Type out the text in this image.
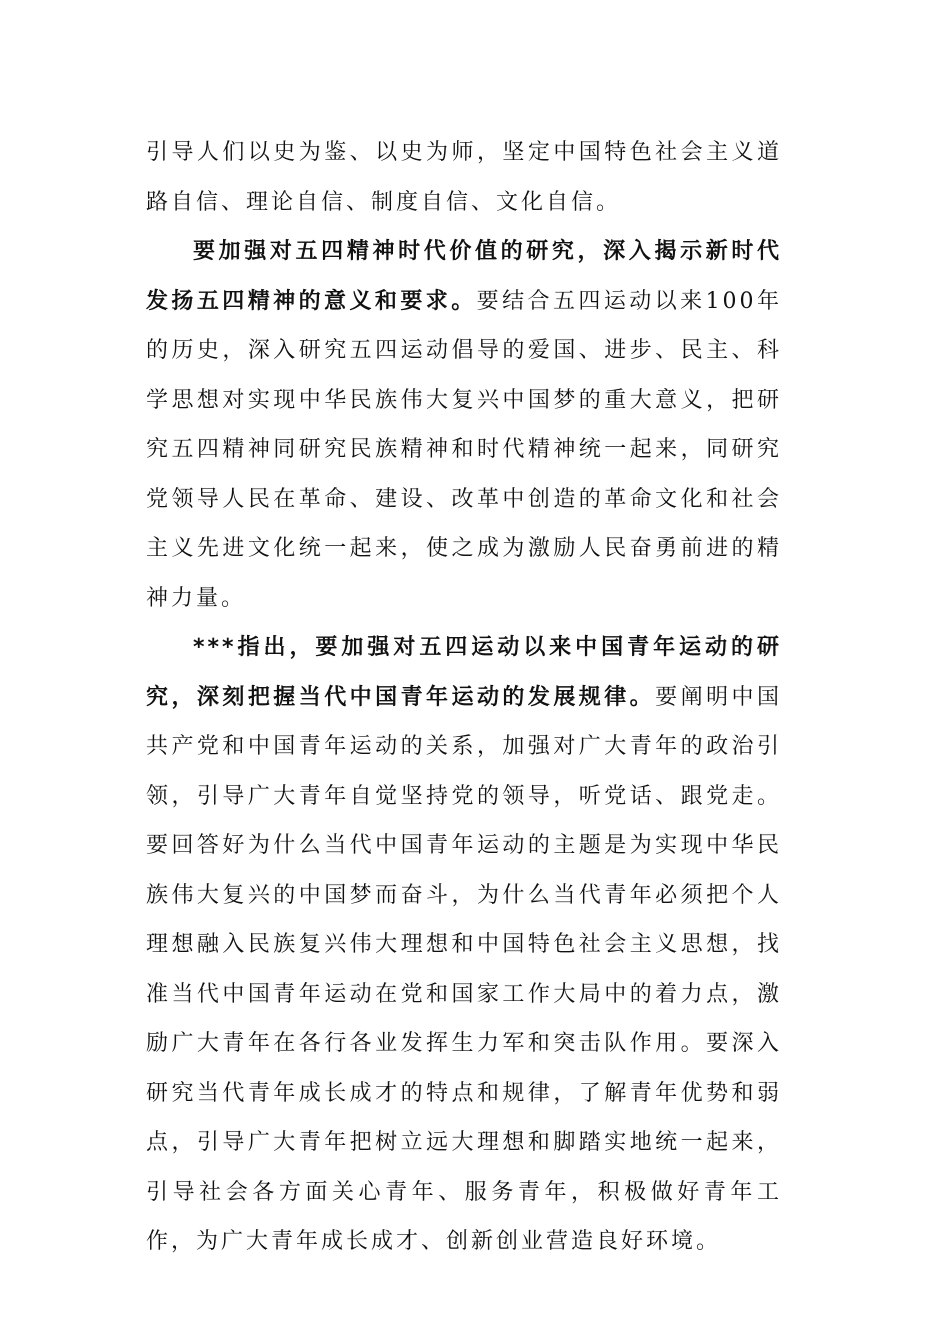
引导人们以史为鉴、以史为师，坚定中国特色社会主义道路自信、理论自信、制度自信、文化自信。

要加强对五四精神时代价值的研究，深入揭示新时代发扬五四精神的意义和要求。要结合五四运动以来100年的历史，深入研究五四运动倡导的爱国、进步、民主、科学思想对实现中华民族伟大复兴中国梦的重大意义，把研究五四精神同研究民族精神和时代精神统一起来，同研究党领导人民在革命、建设、改革中创造的革命文化和社会主义先进文化统一起来，使之成为激励人民奋勇前进的精神力量。

***指出，要加强对五四运动以来中国青年运动的研究，深刻把握当代中国青年运动的发展规律。要阐明中国共产党和中国青年运动的关系，加强对广大青年的政治引领，引导广大青年自觉坚持党的领导，听党话、跟党走。要回答好为什么当代中国青年运动的主题是为实现中华民族伟大复兴的中国梦而奋斗，为什么当代青年必须把个人理想融入民族复兴伟大理想和中国特色社会主义思想，找准当代中国青年运动在党和国家工作大局中的着力点，激励广大青年在各行各业发挥生力军和突击队作用。要深入研究当代青年成长成才的特点和规律，了解青年优势和弱点，引导广大青年把树立远大理想和脚踏实地统一起来，引导社会各方面关心青年、服务青年，积极做好青年工作，为广大青年成长成才、创新创业营造良好环境。
